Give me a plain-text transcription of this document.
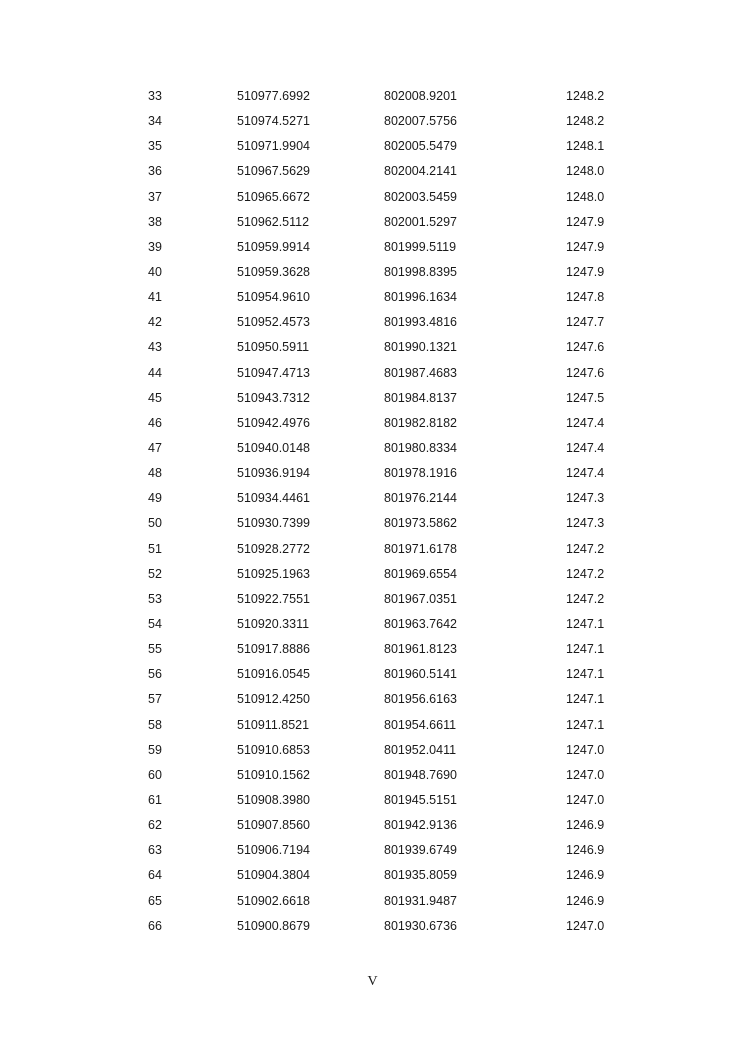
33	510977.6992	802008.9201	1248.2
34	510974.5271	802007.5756	1248.2
35	510971.9904	802005.5479	1248.1
36	510967.5629	802004.2141	1248.0
37	510965.6672	802003.5459	1248.0
38	510962.5112	802001.5297	1247.9
39	510959.9914	801999.5119	1247.9
40	510959.3628	801998.8395	1247.9
41	510954.9610	801996.1634	1247.8
42	510952.4573	801993.4816	1247.7
43	510950.5911	801990.1321	1247.6
44	510947.4713	801987.4683	1247.6
45	510943.7312	801984.8137	1247.5
46	510942.4976	801982.8182	1247.4
47	510940.0148	801980.8334	1247.4
48	510936.9194	801978.1916	1247.4
49	510934.4461	801976.2144	1247.3
50	510930.7399	801973.5862	1247.3
51	510928.2772	801971.6178	1247.2
52	510925.1963	801969.6554	1247.2
53	510922.7551	801967.0351	1247.2
54	510920.3311	801963.7642	1247.1
55	510917.8886	801961.8123	1247.1
56	510916.0545	801960.5141	1247.1
57	510912.4250	801956.6163	1247.1
58	510911.8521	801954.6611	1247.1
59	510910.6853	801952.0411	1247.0
60	510910.1562	801948.7690	1247.0
61	510908.3980	801945.5151	1247.0
62	510907.8560	801942.9136	1246.9
63	510906.7194	801939.6749	1246.9
64	510904.3804	801935.8059	1246.9
65	510902.6618	801931.9487	1246.9
66	510900.8679	801930.6736	1247.0
V
